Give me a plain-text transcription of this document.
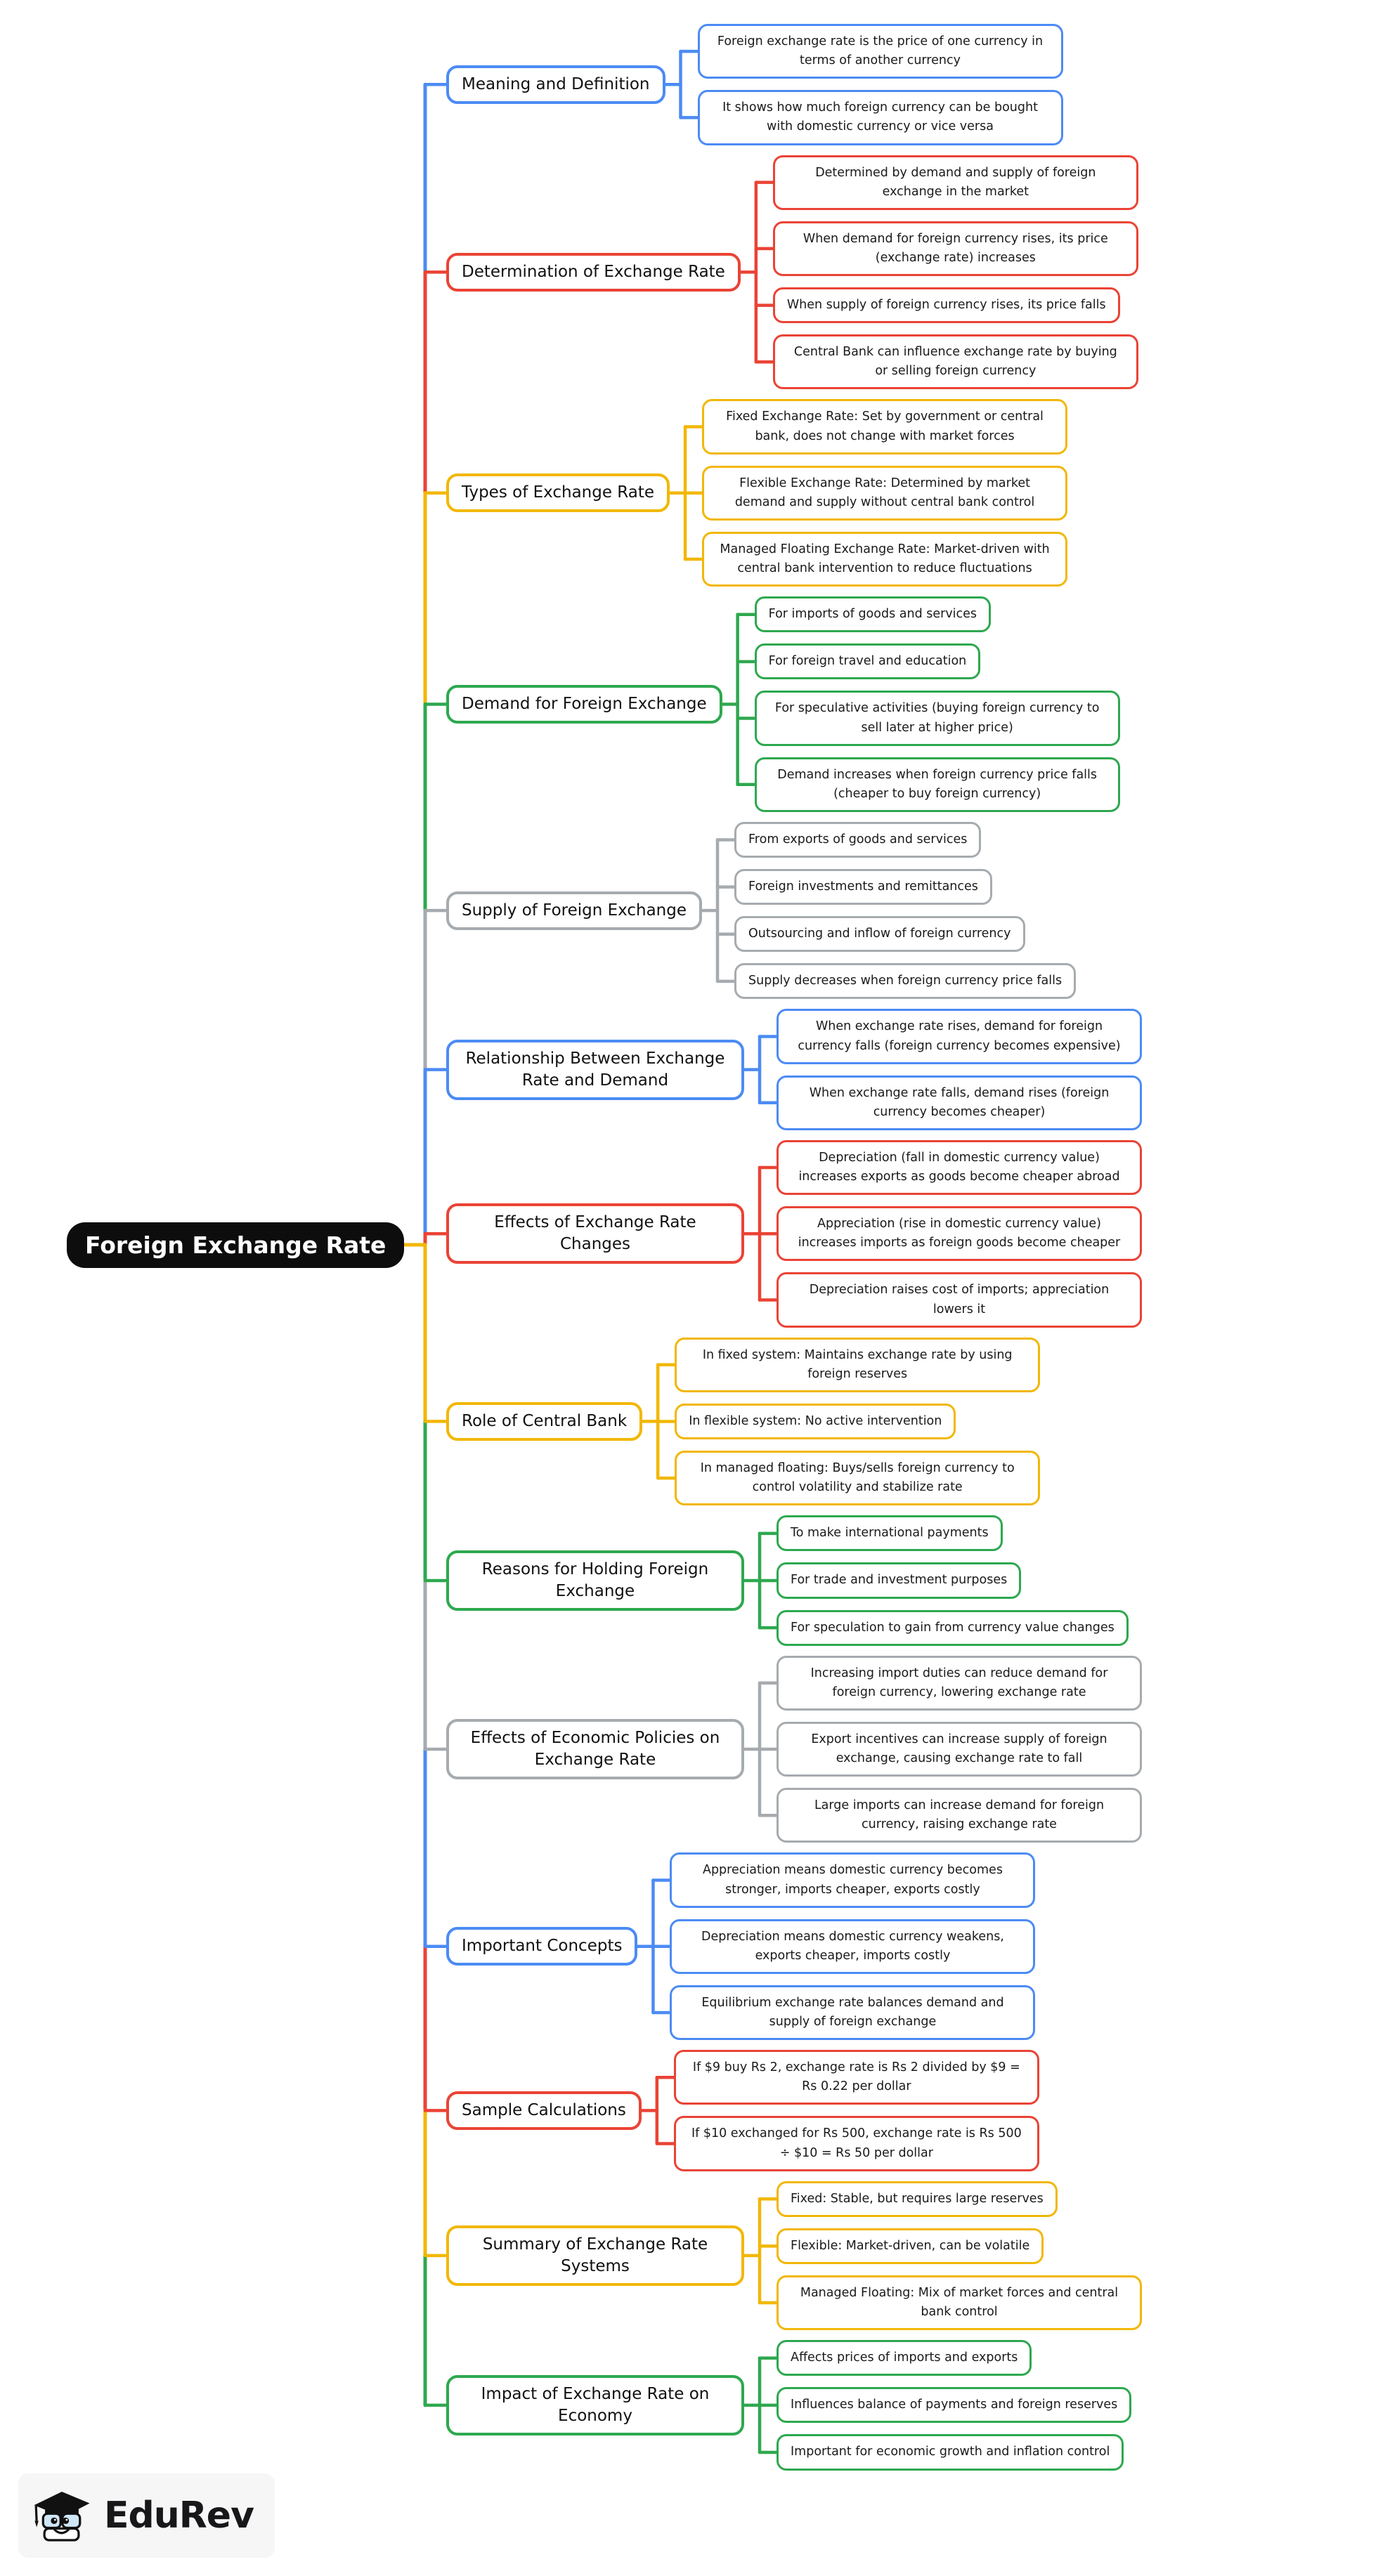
Foreign Exchange Rate
Meaning and Definition
Foreign exchange rate is the price of one currency in terms of another currency
It shows how much foreign currency can be bought with domestic currency or vice versa
Determination of Exchange Rate
Determined by demand and supply of foreign exchange in the market
When demand for foreign currency rises, its price (exchange rate) increases
When supply of foreign currency rises, its price falls
Central Bank can influence exchange rate by buying or selling foreign currency
Types of Exchange Rate
Fixed Exchange Rate: Set by government or central bank, does not change with market forces
Flexible Exchange Rate: Determined by market demand and supply without central bank control
Managed Floating Exchange Rate: Market-driven with central bank intervention to reduce fluctuations
Demand for Foreign Exchange
For imports of goods and services
For foreign travel and education
For speculative activities (buying foreign currency to sell later at higher price)
Demand increases when foreign currency price falls (cheaper to buy foreign currency)
Supply of Foreign Exchange
From exports of goods and services
Foreign investments and remittances
Outsourcing and inflow of foreign currency
Supply decreases when foreign currency price falls
Relationship Between Exchange Rate and Demand
When exchange rate rises, demand for foreign currency falls (foreign currency becomes expensive)
When exchange rate falls, demand rises (foreign currency becomes cheaper)
Effects of Exchange Rate Changes
Depreciation (fall in domestic currency value) increases exports as goods become cheaper abroad
Appreciation (rise in domestic currency value) increases imports as foreign goods become cheaper
Depreciation raises cost of imports; appreciation lowers it
Role of Central Bank
In fixed system: Maintains exchange rate by using foreign reserves
In flexible system: No active intervention
In managed floating: Buys/sells foreign currency to control volatility and stabilize rate
Reasons for Holding Foreign Exchange
To make international payments
For trade and investment purposes
For speculation to gain from currency value changes
Effects of Economic Policies on Exchange Rate
Increasing import duties can reduce demand for foreign currency, lowering exchange rate
Export incentives can increase supply of foreign exchange, causing exchange rate to fall
Large imports can increase demand for foreign currency, raising exchange rate
Important Concepts
Appreciation means domestic currency becomes stronger, imports cheaper, exports costly
Depreciation means domestic currency weakens, exports cheaper, imports costly
Equilibrium exchange rate balances demand and supply of foreign exchange
Sample Calculations
If $9 buy Rs 2, exchange rate is Rs 2 divided by $9 = Rs 0.22 per dollar
If $10 exchanged for Rs 500, exchange rate is Rs 500 ÷ $10 = Rs 50 per dollar
Summary of Exchange Rate Systems
Fixed: Stable, but requires large reserves
Flexible: Market-driven, can be volatile
Managed Floating: Mix of market forces and central bank control
Impact of Exchange Rate on Economy
Affects prices of imports and exports
Influences balance of payments and foreign reserves
Important for economic growth and inflation control
EduRev
